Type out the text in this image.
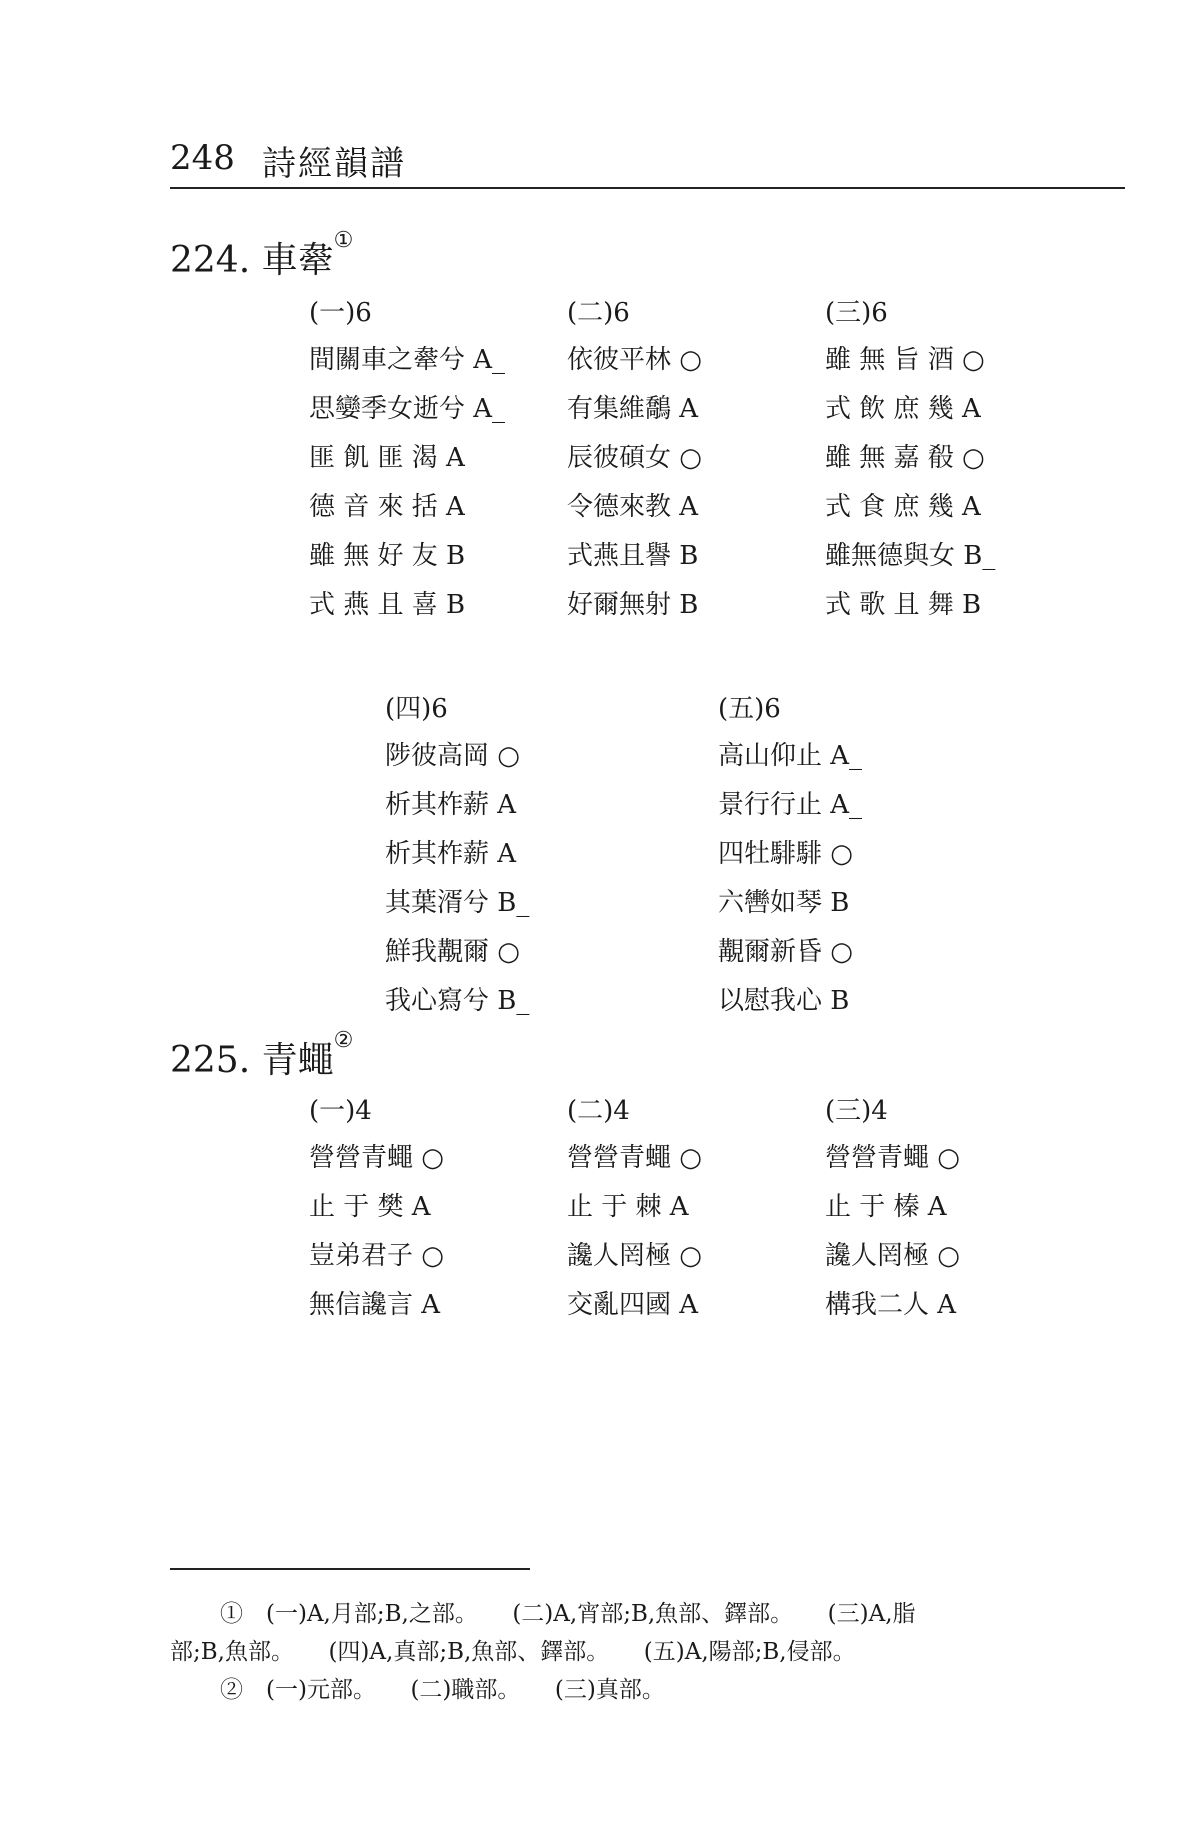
248 詩經韻譜
224. 車舝①
(一)6
間關車之舝兮 A_
思孌季女逝兮 A_
匪 飢 匪 渴 A
德 音 來 括 A
雖 無 好 友 B
式 燕 且 喜 B
(二)6
依彼平林 ○
有集維鷮 A
辰彼碩女 ○
令德來教 A
式燕且譽 B
好爾無射 B
(三)6
雖 無 旨 酒 ○
式 飲 庶 幾 A
雖 無 嘉 殽 ○
式 食 庶 幾 A
雖無德與女 B_
式 歌 且 舞 B
(四)6
陟彼高岡 ○
析其柞薪 A
析其柞薪 A
其葉湑兮 B_
鮮我覯爾 ○
我心寫兮 B_
(五)6
高山仰止 A_
景行行止 A_
四牡騑騑 ○
六轡如琴 B
覯爾新昏 ○
以慰我心 B
225. 青蠅②
(一)4
營營青蠅 ○
止 于 樊 A
豈弟君子 ○
無信讒言 A
(二)4
營營青蠅 ○
止 于 棘 A
讒人罔極 ○
交亂四國 A
(三)4
營營青蠅 ○
止 于 榛 A
讒人罔極 ○
構我二人 A
①　(一)A,月部;B,之部。　　(二)A,宵部;B,魚部、鐸部。　　(三)A,脂
部;B,魚部。　　(四)A,真部;B,魚部、鐸部。　　(五)A,陽部;B,侵部。
②　(一)元部。　　(二)職部。　　(三)真部。
